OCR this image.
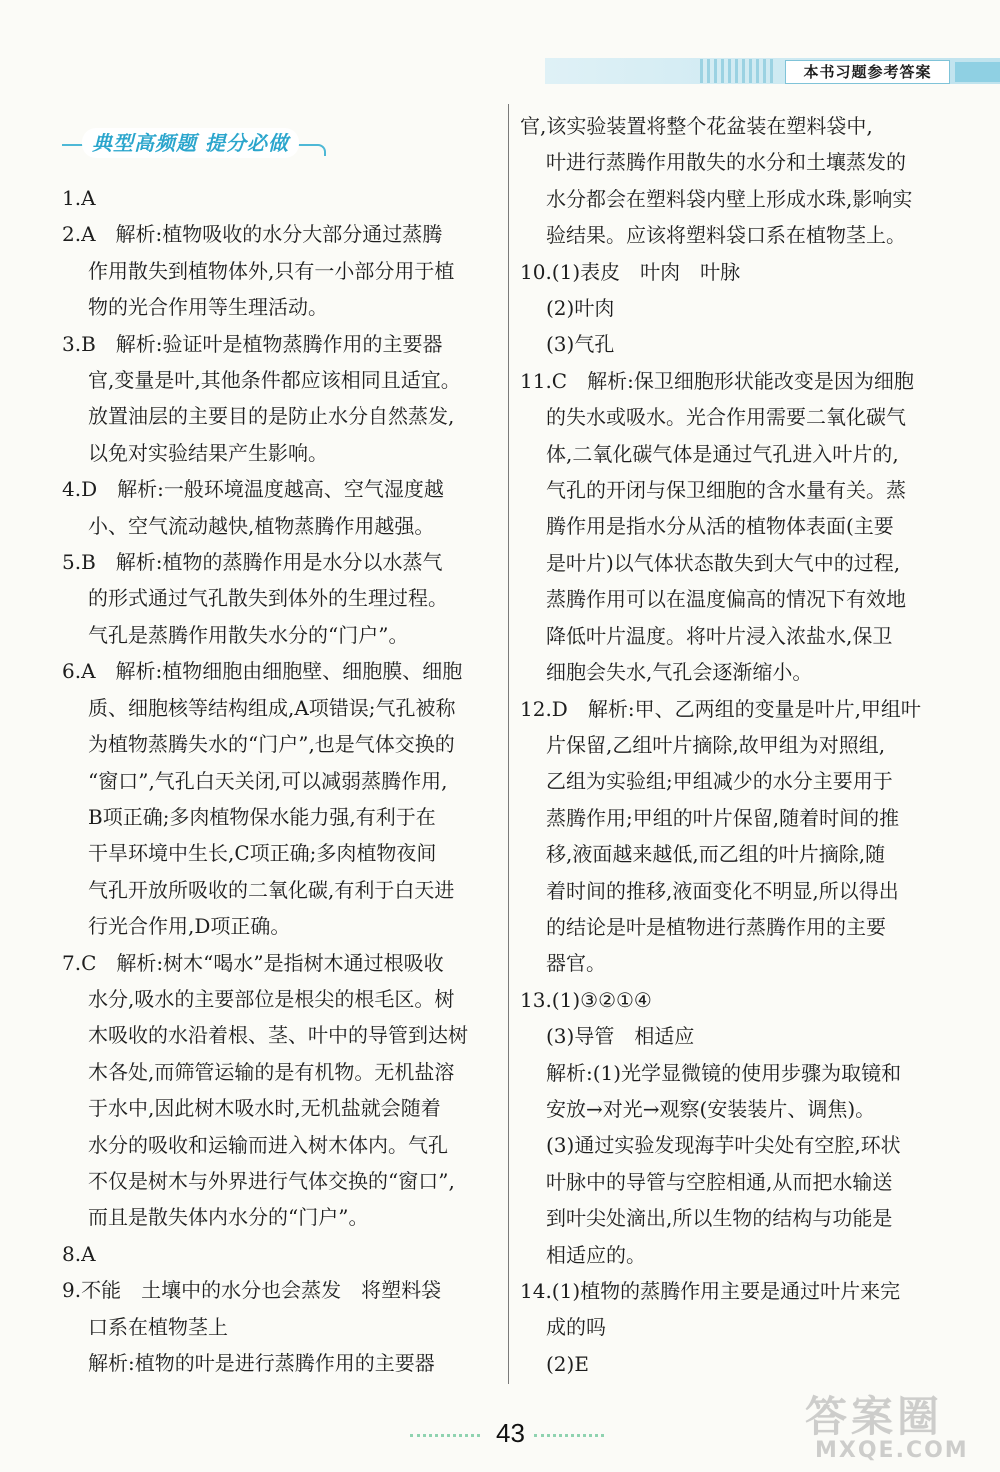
本书习题参考答案
典型高频题 提分必做
1.A
2.A　解析:植物吸收的水分大部分通过蒸腾
作用散失到植物体外,只有一小部分用于植
物的光合作用等生理活动。
3.B　解析:验证叶是植物蒸腾作用的主要器
官,变量是叶,其他条件都应该相同且适宜。
放置油层的主要目的是防止水分自然蒸发,
以免对实验结果产生影响。
4.D　解析:一般环境温度越高、空气湿度越
小、空气流动越快,植物蒸腾作用越强。
5.B　解析:植物的蒸腾作用是水分以水蒸气
的形式通过气孔散失到体外的生理过程。
气孔是蒸腾作用散失水分的“门户”。
6.A　解析:植物细胞由细胞壁、细胞膜、细胞
质、细胞核等结构组成,A项错误;气孔被称
为植物蒸腾失水的“门户”,也是气体交换的
“窗口”,气孔白天关闭,可以减弱蒸腾作用,
B项正确;多肉植物保水能力强,有利于在
干旱环境中生长,C项正确;多肉植物夜间
气孔开放所吸收的二氧化碳,有利于白天进
行光合作用,D项正确。
7.C　解析:树木“喝水”是指树木通过根吸收
水分,吸水的主要部位是根尖的根毛区。树
木吸收的水沿着根、茎、叶中的导管到达树
木各处,而筛管运输的是有机物。无机盐溶
于水中,因此树木吸水时,无机盐就会随着
水分的吸收和运输而进入树木体内。气孔
不仅是树木与外界进行气体交换的“窗口”,
而且是散失体内水分的“门户”。
8.A
9.不能　土壤中的水分也会蒸发　将塑料袋
口系在植物茎上
解析:植物的叶是进行蒸腾作用的主要器
官,该实验装置将整个花盆装在塑料袋中,
叶进行蒸腾作用散失的水分和土壤蒸发的
水分都会在塑料袋内壁上形成水珠,影响实
验结果。应该将塑料袋口系在植物茎上。
10.(1)表皮　叶肉　叶脉
(2)叶肉
(3)气孔
11.C　解析:保卫细胞形状能改变是因为细胞
的失水或吸水。光合作用需要二氧化碳气
体,二氧化碳气体是通过气孔进入叶片的,
气孔的开闭与保卫细胞的含水量有关。蒸
腾作用是指水分从活的植物体表面(主要
是叶片)以气体状态散失到大气中的过程,
蒸腾作用可以在温度偏高的情况下有效地
降低叶片温度。将叶片浸入浓盐水,保卫
细胞会失水,气孔会逐渐缩小。
12.D　解析:甲、乙两组的变量是叶片,甲组叶
片保留,乙组叶片摘除,故甲组为对照组,
乙组为实验组;甲组减少的水分主要用于
蒸腾作用;甲组的叶片保留,随着时间的推
移,液面越来越低,而乙组的叶片摘除,随
着时间的推移,液面变化不明显,所以得出
的结论是叶是植物进行蒸腾作用的主要
器官。
13.(1)③②①④
(3)导管　相适应
解析:(1)光学显微镜的使用步骤为取镜和
安放→对光→观察(安装装片、调焦)。
(3)通过实验发现海芋叶尖处有空腔,环状
叶脉中的导管与空腔相通,从而把水输送
到叶尖处滴出,所以生物的结构与功能是
相适应的。
14.(1)植物的蒸腾作用主要是通过叶片来完
成的吗
(2)E
43	答案圈
MXQE.COM
